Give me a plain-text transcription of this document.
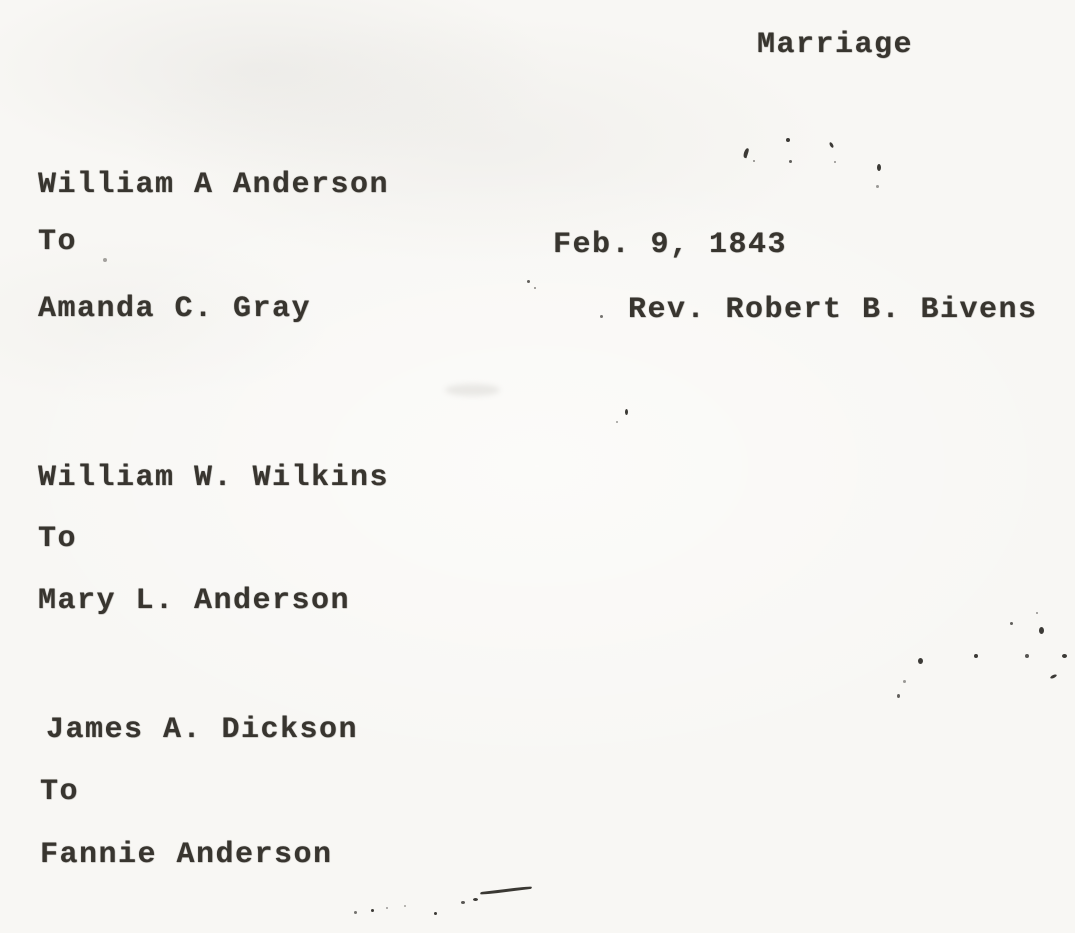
Marriage
William A Anderson
To
Amanda C. Gray
Feb. 9, 1843
Rev. Robert B. Bivens
William W. Wilkins
To
Mary L. Anderson
James A. Dickson
To
Fannie Anderson
